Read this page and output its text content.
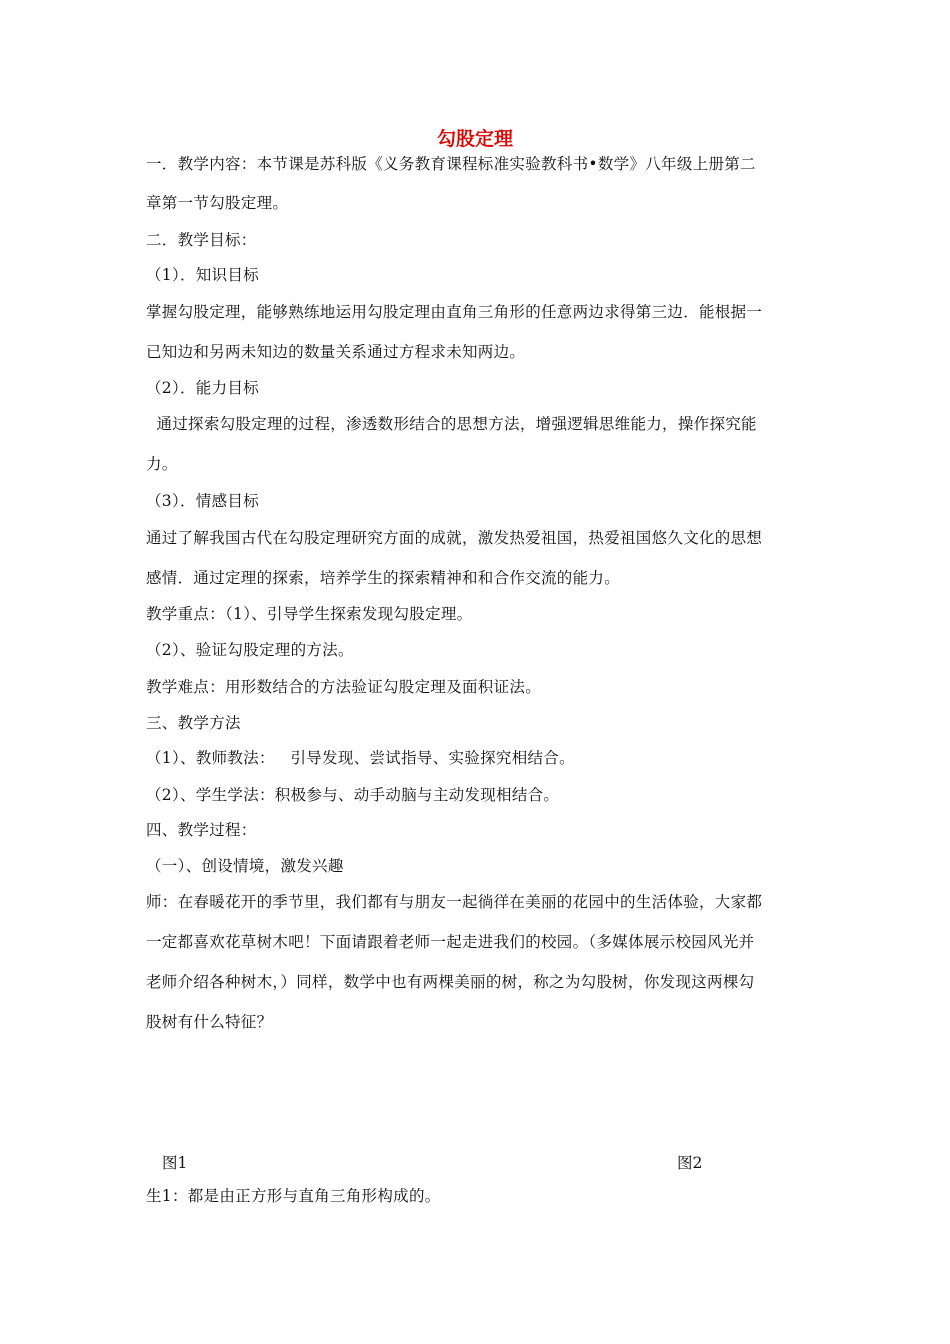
勾股定理
一．教学内容：本节课是苏科版《义务教育课程标准实验教科书•数学》八年级上册第二
章第一节勾股定理。
二．教学目标：
（1）．知识目标
掌握勾股定理，能够熟练地运用勾股定理由直角三角形的任意两边求得第三边．能根据一
已知边和另两未知边的数量关系通过方程求未知两边。
（2）．能力目标
通过探索勾股定理的过程，渗透数形结合的思想方法，增强逻辑思维能力，操作探究能
力。
（3）．情感目标
通过了解我国古代在勾股定理研究方面的成就，激发热爱祖国，热爱祖国悠久文化的思想
感情．通过定理的探索，培养学生的探索精神和和合作交流的能力。
教学重点：（1）、引导学生探索发现勾股定理。
（2）、验证勾股定理的方法。
教学难点：用形数结合的方法验证勾股定理及面积证法。
三、教学方法
（1）、教师教法：   引导发现、尝试指导、实验探究相结合。
（2）、学生学法：积极参与、动手动脑与主动发现相结合。
四、教学过程：
（一）、创设情境，激发兴趣
师：在春暖花开的季节里，我们都有与朋友一起徜徉在美丽的花园中的生活体验，大家都
一定都喜欢花草树木吧！下面请跟着老师一起走进我们的校园。（多媒体展示校园风光并
老师介绍各种树木，）同样，数学中也有两棵美丽的树，称之为勾股树，你发现这两棵勾
股树有什么特征？
图1	图2
生1：都是由正方形与直角三角形构成的。
